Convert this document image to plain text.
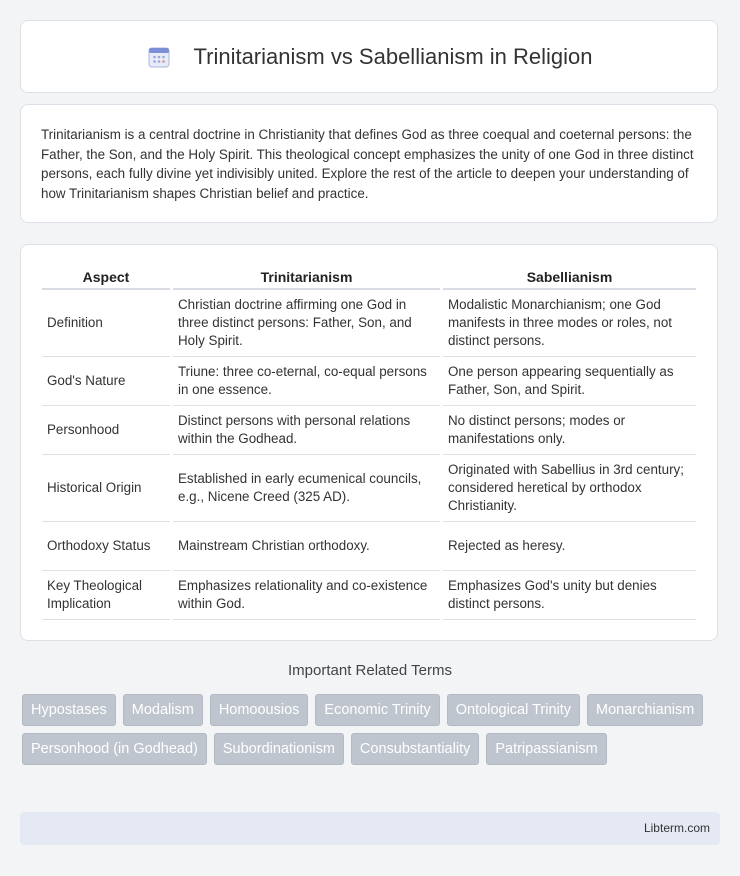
Trinitarianism vs Sabellianism in Religion

Trinitarianism is a central doctrine in Christianity that defines God as three coequal and coeternal persons: the Father, the Son, and the Holy Spirit. This theological concept emphasizes the unity of one God in three distinct persons, each fully divine yet indivisibly united. Explore the rest of the article to deepen your understanding of how Trinitarianism shapes Christian belief and practice.

Aspect	Trinitarianism	Sabellianism
Definition	Christian doctrine affirming one God in three distinct persons: Father, Son, and Holy Spirit.	Modalistic Monarchianism; one God manifests in three modes or roles, not distinct persons.
God's Nature	Triune: three co-eternal, co-equal persons in one essence.	One person appearing sequentially as Father, Son, and Spirit.
Personhood	Distinct persons with personal relations within the Godhead.	No distinct persons; modes or manifestations only.
Historical Origin	Established in early ecumenical councils, e.g., Nicene Creed (325 AD).	Originated with Sabellius in 3rd century; considered heretical by orthodox Christianity.
Orthodoxy Status	Mainstream Christian orthodoxy.	Rejected as heresy.
Key Theological Implication	Emphasizes relationality and co-existence within God.	Emphasizes God's unity but denies distinct persons.
Important Related Terms
Hypostases	Modalism	Homoousios	Economic Trinity	Ontological Trinity	Monarchianism
Personhood (in Godhead)	Subordinationism	Consubstantiality	Patripassianism
Libterm.com
